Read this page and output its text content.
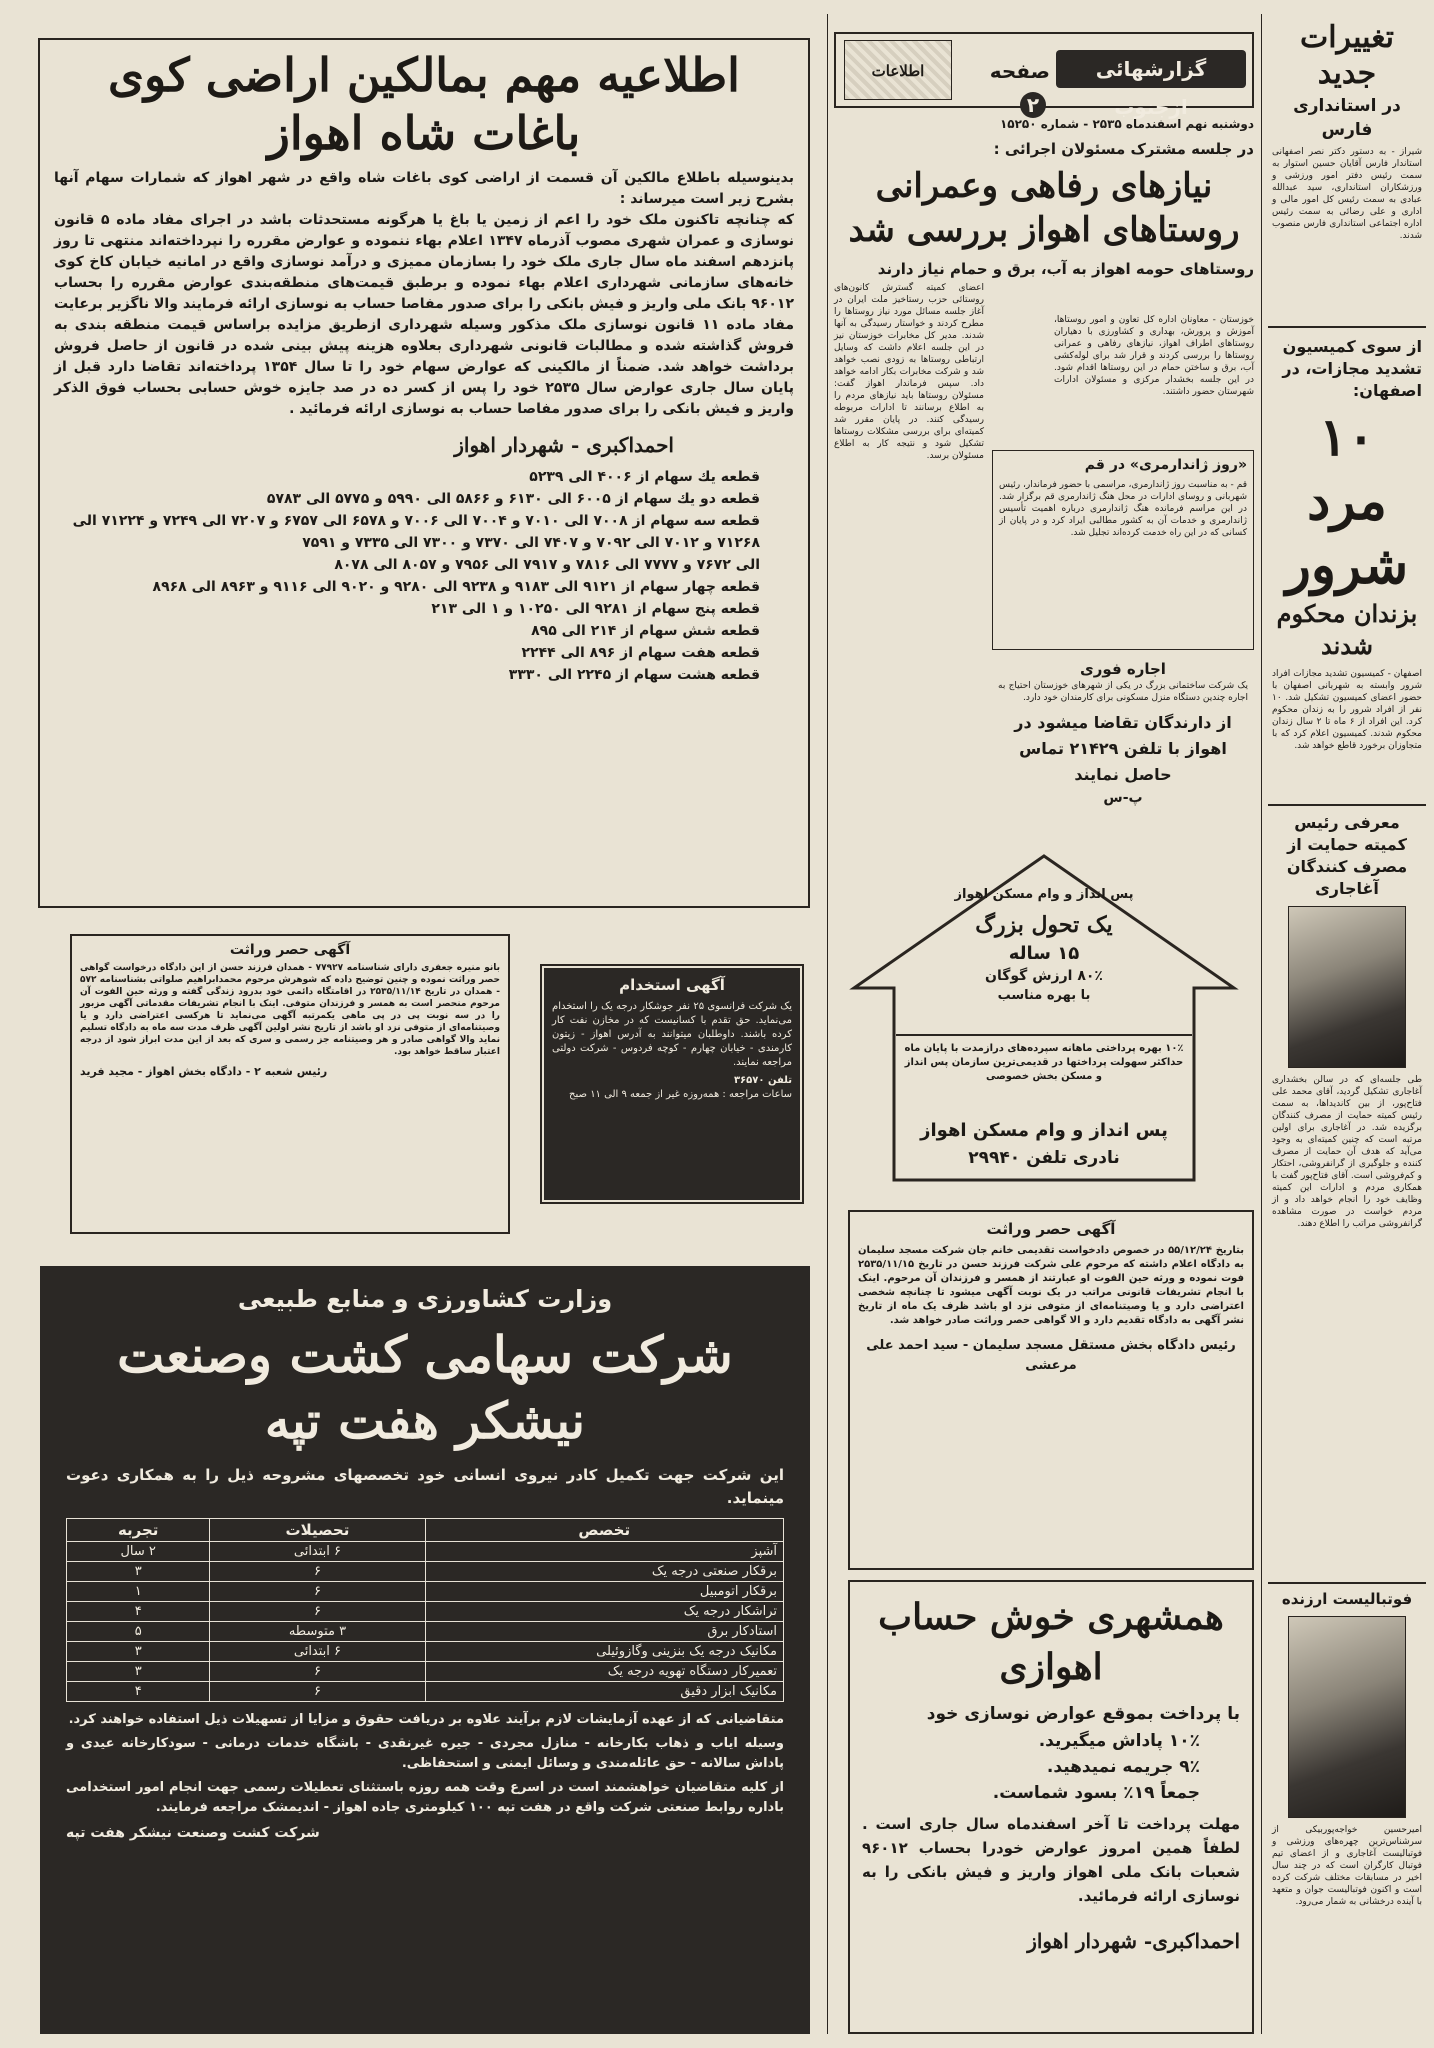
تغییرات جدید
در استانداری فارس

شیراز - به دستور دکتر نصر اصفهانی استاندار فارس آقایان حسین استوار به سمت رئیس دفتر امور ورزشی و ورزشکاران استانداری، سید عبدالله عبادی به سمت رئیس کل امور مالی و اداری و علی رضائی به سمت رئیس اداره اجتماعی استانداری فارس منصوب شدند.

از سوی کمیسیون تشدید مجازات، در اصفهان:
۱۰ مرد شرور
بزندان محکوم شدند

اصفهان - کمیسیون تشدید مجازات افراد شرور وابسته به شهربانی اصفهان با حضور اعضای کمیسیون تشکیل شد. ۱۰ نفر از افراد شرور را به زندان محکوم کرد. این افراد از ۶ ماه تا ۲ سال زندان محکوم شدند. کمیسیون اعلام کرد که با متجاوزان برخورد قاطع خواهد شد.

معرفی رئیس کمیته حمایت از مصرف کنندگان آغاجاری

طی جلسه‌ای که در سالن بخشداری آغاجاری تشکیل گردید، آقای محمد علی فتاح‌پور، از بین کاندیداها، به سمت رئیس کمیته حمایت از مصرف کنندگان برگزیده شد. در آغاجاری برای اولین مرتبه است که چنین کمیته‌ای به وجود می‌آید که هدف آن حمایت از مصرف کننده و جلوگیری از گرانفروشی، احتکار و کم‌فروشی است. آقای فتاح‌پور گفت با همکاری مردم و ادارات این کمیته وظایف خود را انجام خواهد داد و از مردم خواست در صورت مشاهده گرانفروشی مراتب را اطلاع دهند.

فوتبالیست ارزنده

امیرحسین خواجه‌پوربیکی از سرشناس‌ترین چهره‌های ورزشی و فوتبالیست آغاجاری و از اعضای تیم فوتبال کارگران است که در چند سال اخیر در مسابقات مختلف شرکت کرده است و اکنون فوتبالیست جوان و متعهد با آینده درخشانی به شمار می‌رود.

گزارشهائی ازجنوب
صفحه ۲
اطلاعات
دوشنبه نهم اسفندماه ۲۵۳۵ - شماره ۱۵۲۵۰
در جلسه مشترک مسئولان اجرائی :
نیازهای رفاهی وعمرانی روستاهای اهواز بررسی شد
روستاهای حومه اهواز به آب، برق و حمام نیاز دارند

خوزستان - معاونان اداره کل تعاون و امور روستاها، آموزش و پرورش، بهداری و کشاورزی با دهیاران روستاهای اطراف اهواز، نیازهای رفاهی و عمرانی روستاها را بررسی کردند و قرار شد برای لوله‌کشی آب، برق و ساختن حمام در این روستاها اقدام شود. در این جلسه بخشدار مرکزی و مسئولان ادارات شهرستان حضور داشتند.

اعضای کمیته گسترش کانون‌های روستائی حزب رستاخیز ملت ایران در آغاز جلسه مسائل مورد نیاز روستاها را مطرح کردند و خواستار رسیدگی به آنها شدند. مدیر کل مخابرات خوزستان نیز در این جلسه اعلام داشت که وسایل ارتباطی روستاها به زودی نصب خواهد شد و شرکت مخابرات بکار ادامه خواهد داد. سپس فرماندار اهواز گفت: مسئولان روستاها باید نیازهای مردم را به اطلاع برسانند تا ادارات مربوطه رسیدگی کنند. در پایان مقرر شد کمیته‌ای برای بررسی مشکلات روستاها تشکیل شود و نتیجه کار به اطلاع مسئولان برسد.

«روز ژاندارمری» در قم

قم - به مناسبت روز ژاندارمری، مراسمی با حضور فرماندار، رئیس شهربانی و روسای ادارات در محل هنگ ژاندارمری قم برگزار شد. در این مراسم فرمانده هنگ ژاندارمری درباره اهمیت تأسیس ژاندارمری و خدمات آن به کشور مطالبی ایراد کرد و در پایان از کسانی که در این راه خدمت کرده‌اند تجلیل شد.

اجاره فوری

یک شرکت ساختمانی بزرگ در یکی از شهرهای خوزستان احتیاج به اجاره چندین دستگاه منزل مسکونی برای کارمندان خود دارد.

از دارندگان تقاضا میشود در اهواز با تلفن ۲۱۴۲۹ تماس حاصل نمایند
پ-س
پس انداز و وام مسکن اهواز
یک تحول بزرگ
۱۵ ساله
۸۰٪ ارزش گوگان
با بهره مناسب

۱۰٪ بهره پرداختی ماهانه سپرده‌های درازمدت با پایان ماه حداکثر سهولت پرداختها در قدیمی‌ترین سازمان پس انداز و مسکن بخش خصوصی

پس انداز و وام مسکن اهواز
نادری تلفن ۲۹۹۴۰
آگهی حصر وراثت

بتاریخ ۵۵/۱۲/۲۴ در خصوص دادخواست تقدیمی خانم جان شرکت مسجد سلیمان به دادگاه اعلام داشته که مرحوم علی شرکت فرزند حسن در تاریخ ۲۵۳۵/۱۱/۱۵ فوت نموده و ورثه حین الفوت او عبارتند از همسر و فرزندان آن مرحوم. اینک با انجام تشریفات قانونی مراتب در یک نوبت آگهی میشود تا چنانچه شخصی اعتراضی دارد و یا وصیتنامه‌ای از متوفی نزد او باشد ظرف یک ماه از تاریخ نشر آگهی به دادگاه تقدیم دارد و الا گواهی حصر وراثت صادر خواهد شد.

رئیس دادگاه بخش مستقل مسجد سلیمان - سید احمد علی مرعشی
همشهری خوش حساب اهوازی
با پرداخت بموقع عوارض نوسازی خود
۱۰٪ پاداش میگیرید.
۹٪ جریمه نمیدهید.
جمعاً ۱۹٪ بسود شماست.

مهلت پرداخت تا آخر اسفندماه سال جاری است . لطفاً همین امروز عوارض خودرا بحساب ۹۶۰۱۲ شعبات بانک ملی اهواز واریز و فیش بانکی را به نوسازی ارائه فرمائید.

احمداکبری- شهردار اهواز
اطلاعیه مهم بمالکین اراضی کوی باغات شاه اهواز

بدینوسیله باطلاع مالکین آن قسمت از اراضی کوی باغات شاه واقع در شهر اهواز که شمارات سهام آنها بشرح زیر است میرساند :

که چنانچه تاکنون ملک خود را اعم از زمین یا باغ یا هرگونه مستحدثات باشد در اجرای مفاد ماده ۵ قانون نوسازی و عمران شهری مصوب آذرماه ۱۳۴۷ اعلام بهاء ننموده و عوارض مقرره را نپرداخته‌اند منتهی تا روز پانزدهم اسفند ماه سال جاری ملک خود را بسازمان ممیزی و درآمد نوسازی واقع در امانیه خیابان کاخ کوی خانه‌های سازمانی شهرداری اعلام بهاء نموده و برطبق قیمت‌های منطقه‌بندی عوارض مقرره را بحساب ۹۶۰۱۲ بانک ملی واریز و فیش بانکی را برای صدور مفاصا حساب به نوسازی ارائه فرمایند والا ناگزیر برعایت مفاد ماده ۱۱ قانون نوسازی ملک مذکور وسیله شهرداری ازطریق مزایده براساس قیمت منطقه بندی به فروش گذاشته شده و مطالبات قانونی شهرداری بعلاوه هزینه پیش بینی شده در قانون از حاصل فروش برداشت خواهد شد. ضمناً از مالکینی که عوارض سهام خود را تا سال ۱۳۵۴ پرداخته‌اند تقاضا دارد قبل از پایان سال جاری عوارض سال ۲۵۳۵ خود را پس از کسر ده در صد جایزه خوش حسابی بحساب فوق الذکر واریز و فیش بانکی را برای صدور مفاصا حساب به نوسازی ارائه فرمائید .

احمداکبری - شهردار اهواز
قطعه یك سهام از ۴۰۰۶ الی ۵۲۳۹
قطعه دو یك سهام از ۶۰۰۵ الی ۶۱۳۰ و ۵۸۶۶ الی ۵۹۹۰ و ۵۷۷۵ الی ۵۷۸۳
قطعه سه سهام از ۷۰۰۸ الی ۷۰۱۰ و ۷۰۰۴ الی ۷۰۰۶ و ۶۵۷۸ الی ۶۷۵۷ و ۷۲۰۷ الی ۷۲۴۹ و ۷۱۲۲۴ الی ۷۱۲۶۸ و ۷۰۱۲ الی ۷۰۹۲ و ۷۴۰۷ الی ۷۳۷۰ و ۷۳۰۰ الی ۷۳۳۵ و ۷۵۹۱
الی ۷۶۷۲ و ۷۷۷۷ الی ۷۸۱۶ و ۷۹۱۷ الی ۷۹۵۶ و ۸۰۵۷ الی ۸۰۷۸
قطعه چهار سهام از ۹۱۲۱ الی ۹۱۸۳ و ۹۲۳۸ الی ۹۲۸۰ و ۹۰۲۰ الی ۹۱۱۶ و ۸۹۶۳ الی ۸۹۶۸
قطعه پنج سهام از ۹۲۸۱ الی ۱۰۲۵۰ و ۱ الی ۲۱۳
قطعه شش سهام از ۲۱۴ الی ۸۹۵
قطعه هفت سهام از ۸۹۶ الی ۲۲۴۴
قطعه هشت سهام از ۲۲۴۵ الی ۳۳۳۰
آگهی حصر وراثت

بانو منیره جعفری دارای شناسنامه ۷۷۹۲۷ - همدان فرزند حسن از این دادگاه درخواست گواهی حصر وراثت نموده و چنین توضیح داده که شوهرش مرحوم محمدابراهیم صلواتی بشناسنامه ۵۷۲ - همدان در تاریخ ۲۵۳۵/۱۱/۱۴ در اقامتگاه دائمی خود بدرود زندگی گفته و ورثه حین الفوت آن مرحوم منحصر است به همسر و فرزندان متوفی. اینک با انجام تشریفات مقدماتی آگهی مزبور را در سه نوبت پی در پی ماهی یکمرتبه آگهی می‌نماید تا هرکسی اعتراضی دارد و یا وصیتنامه‌ای از متوفی نزد او باشد از تاریخ نشر اولین آگهی ظرف مدت سه ماه به دادگاه تسلیم نماید والا گواهی صادر و هر وصیتنامه جز رسمی و سری که بعد از این مدت ابراز شود از درجه اعتبار ساقط خواهد بود.

رئیس شعبه ۲ - دادگاه بخش اهواز - مجید فرید
آگهی استخدام

یک شرکت فرانسوی ۲۵ نفر جوشکار درجه یک را استخدام می‌نماید. حق تقدم با کسانیست که در مخازن نفت کار کرده باشند. داوطلبان میتوانند به آدرس اهواز - زیتون کارمندی - خیابان چهارم - کوچه فردوس - شرکت دولتی مراجعه نمایند.

تلفن ۳۶۵۷۰
ساعات مراجعه : همه‌روزه غیر از جمعه ۹ الی ۱۱ صبح
وزارت کشاورزی و منابع طبیعی
شرکت سهامی کشت وصنعت
نیشکر هفت تپه

این شرکت جهت تکمیل کادر نیروی انسانی خود تخصصهای مشروحه ذیل را به همکاری دعوت مینماید.

تخصص	تحصیلات	تجربه
آشپز	۶ ابتدائی	۲ سال
برقکار صنعتی درجه یک	۶	۳
برقکار اتومبیل	۶	۱
تراشکار درجه یک	۶	۴
استادکار برق	۳ متوسطه	۵
مکانیک درجه یک بنزینی وگازوئیلی	۶ ابتدائی	۳
تعمیرکار دستگاه تهویه درجه یک	۶	۳
مکانیک ابزار دقیق	۶	۴

متقاضیانی که از عهده آزمایشات لازم برآیند علاوه بر دریافت حقوق و مزایا از تسهیلات ذیل استفاده خواهند کرد.

وسیله ایاب و ذهاب بکارخانه - منازل مجردی - جیره غیرنقدی - باشگاه خدمات درمانی - سودکارخانه عیدی و پاداش سالانه - حق عائله‌مندی و وسائل ایمنی و استحفاظی.

از کلیه متقاضیان خواهشمند است در اسرع وقت همه روزه باستثنای تعطیلات رسمی جهت انجام امور استخدامی باداره روابط صنعتی شرکت واقع در هفت تپه ۱۰۰ کیلومتری جاده اهواز - اندیمشک مراجعه فرمایند.

شرکت کشت وصنعت نیشکر هفت تپه
